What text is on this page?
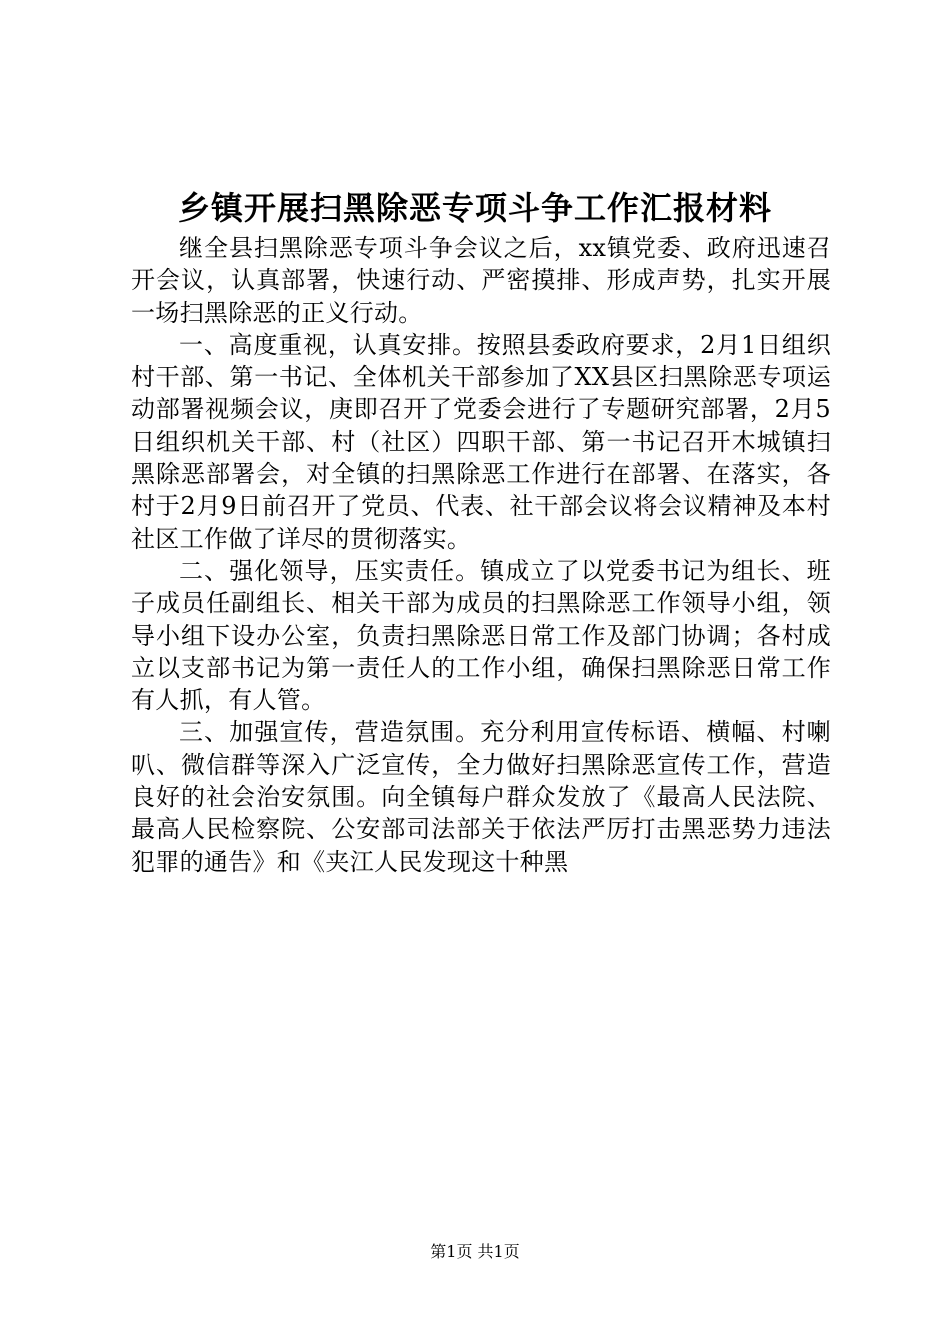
乡镇开展扫黑除恶专项斗争工作汇报材料

继全县扫黑除恶专项斗争会议之后，xx镇党委、政府迅速召开会议，认真部署，快速行动、严密摸排、形成声势，扎实开展一场扫黑除恶的正义行动。

一、高度重视，认真安排。按照县委政府要求，2月1日组织村干部、第一书记、全体机关干部参加了XX县区扫黑除恶专项运动部署视频会议，庚即召开了党委会进行了专题研究部署，2月5日组织机关干部、村（社区）四职干部、第一书记召开木城镇扫黑除恶部署会，对全镇的扫黑除恶工作进行在部署、在落实，各村于2月9日前召开了党员、代表、社干部会议将会议精神及本村社区工作做了详尽的贯彻落实。

二、强化领导，压实责任。镇成立了以党委书记为组长、班子成员任副组长、相关干部为成员的扫黑除恶工作领导小组，领导小组下设办公室，负责扫黑除恶日常工作及部门协调；各村成立以支部书记为第一责任人的工作小组，确保扫黑除恶日常工作有人抓，有人管。

三、加强宣传，营造氛围。充分利用宣传标语、横幅、村喇叭、微信群等深入广泛宣传，全力做好扫黑除恶宣传工作，营造良好的社会治安氛围。向全镇每户群众发放了《最高人民法院、最高人民检察院、公安部司法部关于依法严厉打击黑恶势力违法犯罪的通告》和《夹江人民发现这十种黑

第1页 共1页
